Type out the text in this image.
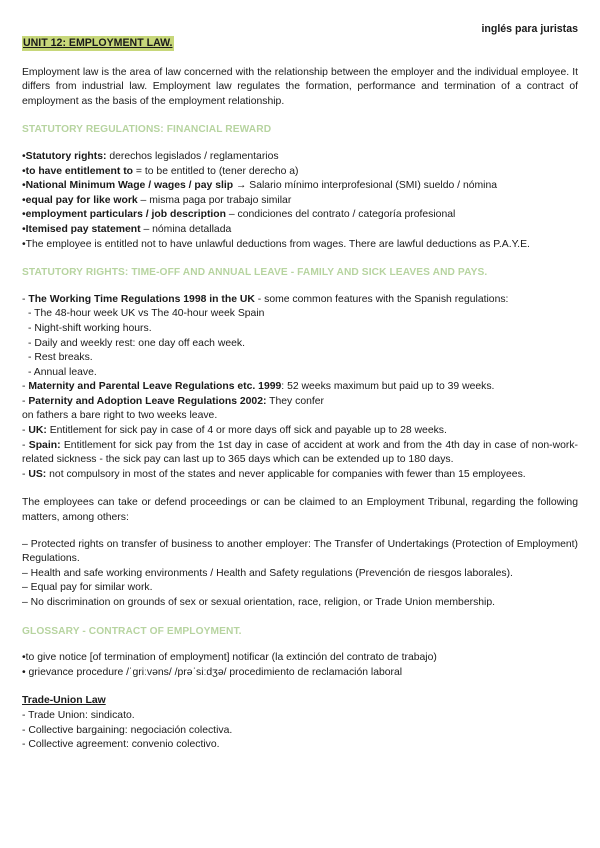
inglés para juristas
UNIT 12: EMPLOYMENT LAW.
Employment law is the area of law concerned with the relationship between the employer and the individual employee. It differs from industrial law. Employment law regulates the formation, performance and termination of a contract of employment as the basis of the employment relationship.
STATUTORY REGULATIONS: FINANCIAL REWARD
•Statutory rights: derechos legislados / reglamentarios
•to have entitlement to = to be entitled to (tener derecho a)
•National Minimum Wage / wages / pay slip → Salario mínimo interprofesional (SMI) sueldo / nómina
•equal pay for like work – misma paga por trabajo similar
•employment particulars / job description – condiciones del contrato / categoría profesional
•Itemised pay statement – nómina detallada
•The employee is entitled not to have unlawful deductions from wages. There are lawful deductions as P.A.Y.E.
STATUTORY RIGHTS: TIME-OFF AND ANNUAL LEAVE - FAMILY AND SICK LEAVES AND PAYS.
- The Working Time Regulations 1998 in the UK - some common features with the Spanish regulations:
- The 48-hour week UK vs The 40-hour week Spain
- Night-shift working hours.
- Daily and weekly rest: one day off each week.
- Rest breaks.
- Annual leave.
- Maternity and Parental Leave Regulations etc. 1999: 52 weeks maximum but paid up to 39 weeks.
- Paternity and Adoption Leave Regulations 2002: They confer
on fathers a bare right to two weeks leave.
- UK: Entitlement for sick pay in case of 4 or more days off sick and payable up to 28 weeks.
- Spain: Entitlement for sick pay from the 1st day in case of accident at work and from the 4th day in case of non-work-related sickness - the sick pay can last up to 365 days which can be extended up to 180 days.
- US: not compulsory in most of the states and never applicable for companies with fewer than 15 employees.
The employees can take or defend proceedings or can be claimed to an Employment Tribunal, regarding the following matters, among others:
– Protected rights on transfer of business to another employer: The Transfer of Undertakings (Protection of Employment) Regulations.
– Health and safe working environments / Health and Safety regulations (Prevención de riesgos laborales).
– Equal pay for similar work.
– No discrimination on grounds of sex or sexual orientation, race, religion, or Trade Union membership.
GLOSSARY - CONTRACT OF EMPLOYMENT.
•to give notice [of termination of employment] notificar (la extinción del contrato de trabajo)
• grievance procedure /ˈgriːvəns/ /prəˈsiːdʒə/ procedimiento de reclamación laboral
Trade-Union Law
- Trade Union: sindicato.
- Collective bargaining: negociación colectiva.
- Collective agreement: convenio colectivo.
